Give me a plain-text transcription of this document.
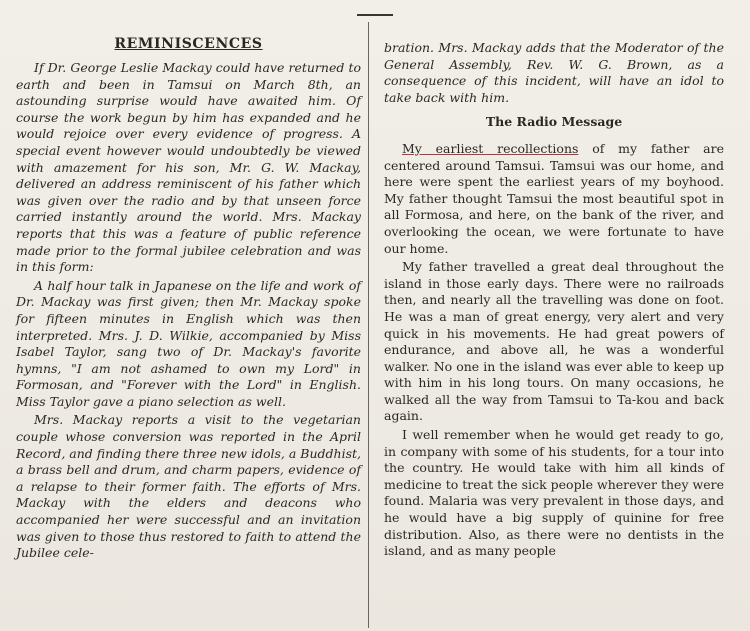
REMINISCENCES

If Dr. George Leslie Mackay could have returned to earth and been in Tamsui on March 8th, an astounding surprise would have awaited him. Of course the work begun by him has expanded and he would rejoice over every evidence of progress. A special event however would undoubtedly be viewed with amazement for his son, Mr. G. W. Mackay, delivered an address reminiscent of his father which was given over the radio and by that unseen force carried instantly around the world. Mrs. Mackay reports that this was a feature of public reference made prior to the formal jubilee celebration and was in this form:

A half hour talk in Japanese on the life and work of Dr. Mackay was first given; then Mr. Mackay spoke for fifteen minutes in English which was then interpreted. Mrs. J. D. Wilkie, accompanied by Miss Isabel Taylor, sang two of Dr. Mackay's favorite hymns, "I am not ashamed to own my Lord" in Formosan, and "Forever with the Lord" in English. Miss Taylor gave a piano selection as well.

Mrs. Mackay reports a visit to the vegetarian couple whose conversion was reported in the April Record, and finding there three new idols, a Buddhist, a brass bell and drum, and charm papers, evidence of a relapse to their former faith. The efforts of Mrs. Mackay with the elders and deacons who accompanied her were successful and an invitation was given to those thus restored to faith to attend the Jubilee cele-

bration. Mrs. Mackay adds that the Moderator of the General Assembly, Rev. W. G. Brown, as a consequence of this incident, will have an idol to take back with him.

The Radio Message

My earliest recollections of my father are centered around Tamsui. Tamsui was our home, and here were spent the earliest years of my boyhood. My father thought Tamsui the most beautiful spot in all Formosa, and here, on the bank of the river, and overlooking the ocean, we were fortunate to have our home.

My father travelled a great deal throughout the island in those early days. There were no railroads then, and nearly all the travelling was done on foot. He was a man of great energy, very alert and very quick in his movements. He had great powers of endurance, and above all, he was a wonderful walker. No one in the island was ever able to keep up with him in his long tours. On many occasions, he walked all the way from Tamsui to Ta-kou and back again.

I well remember when he would get ready to go, in company with some of his students, for a tour into the country. He would take with him all kinds of medicine to treat the sick people wherever they were found. Malaria was very prevalent in those days, and he would have a big supply of quinine for free distribution. Also, as there were no dentists in the island, and as many people
